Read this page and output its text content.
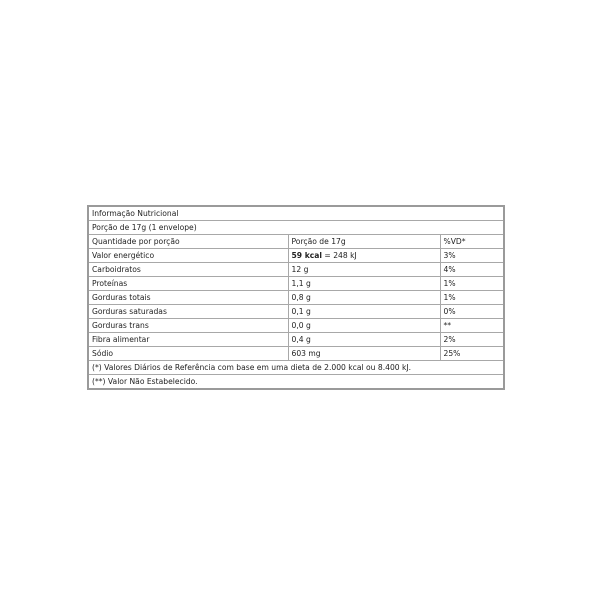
Informação Nutricional		
Porção de 17g (1 envelope)		
Quantidade por porção	Porção de 17g	%VD*
Valor energético	59 kcal = 248 kJ	3%
Carboidratos	12 g	4%
Proteínas	1,1 g	1%
Gorduras totais	0,8 g	1%
Gorduras saturadas	0,1 g	0%
Gorduras trans	0,0 g	**
Fibra alimentar	0,4 g	2%
Sódio	603 mg	25%
(*) Valores Diários de Referência com base em uma dieta de 2.000 kcal ou 8.400 kJ.		
(**) Valor Não Estabelecido.		
